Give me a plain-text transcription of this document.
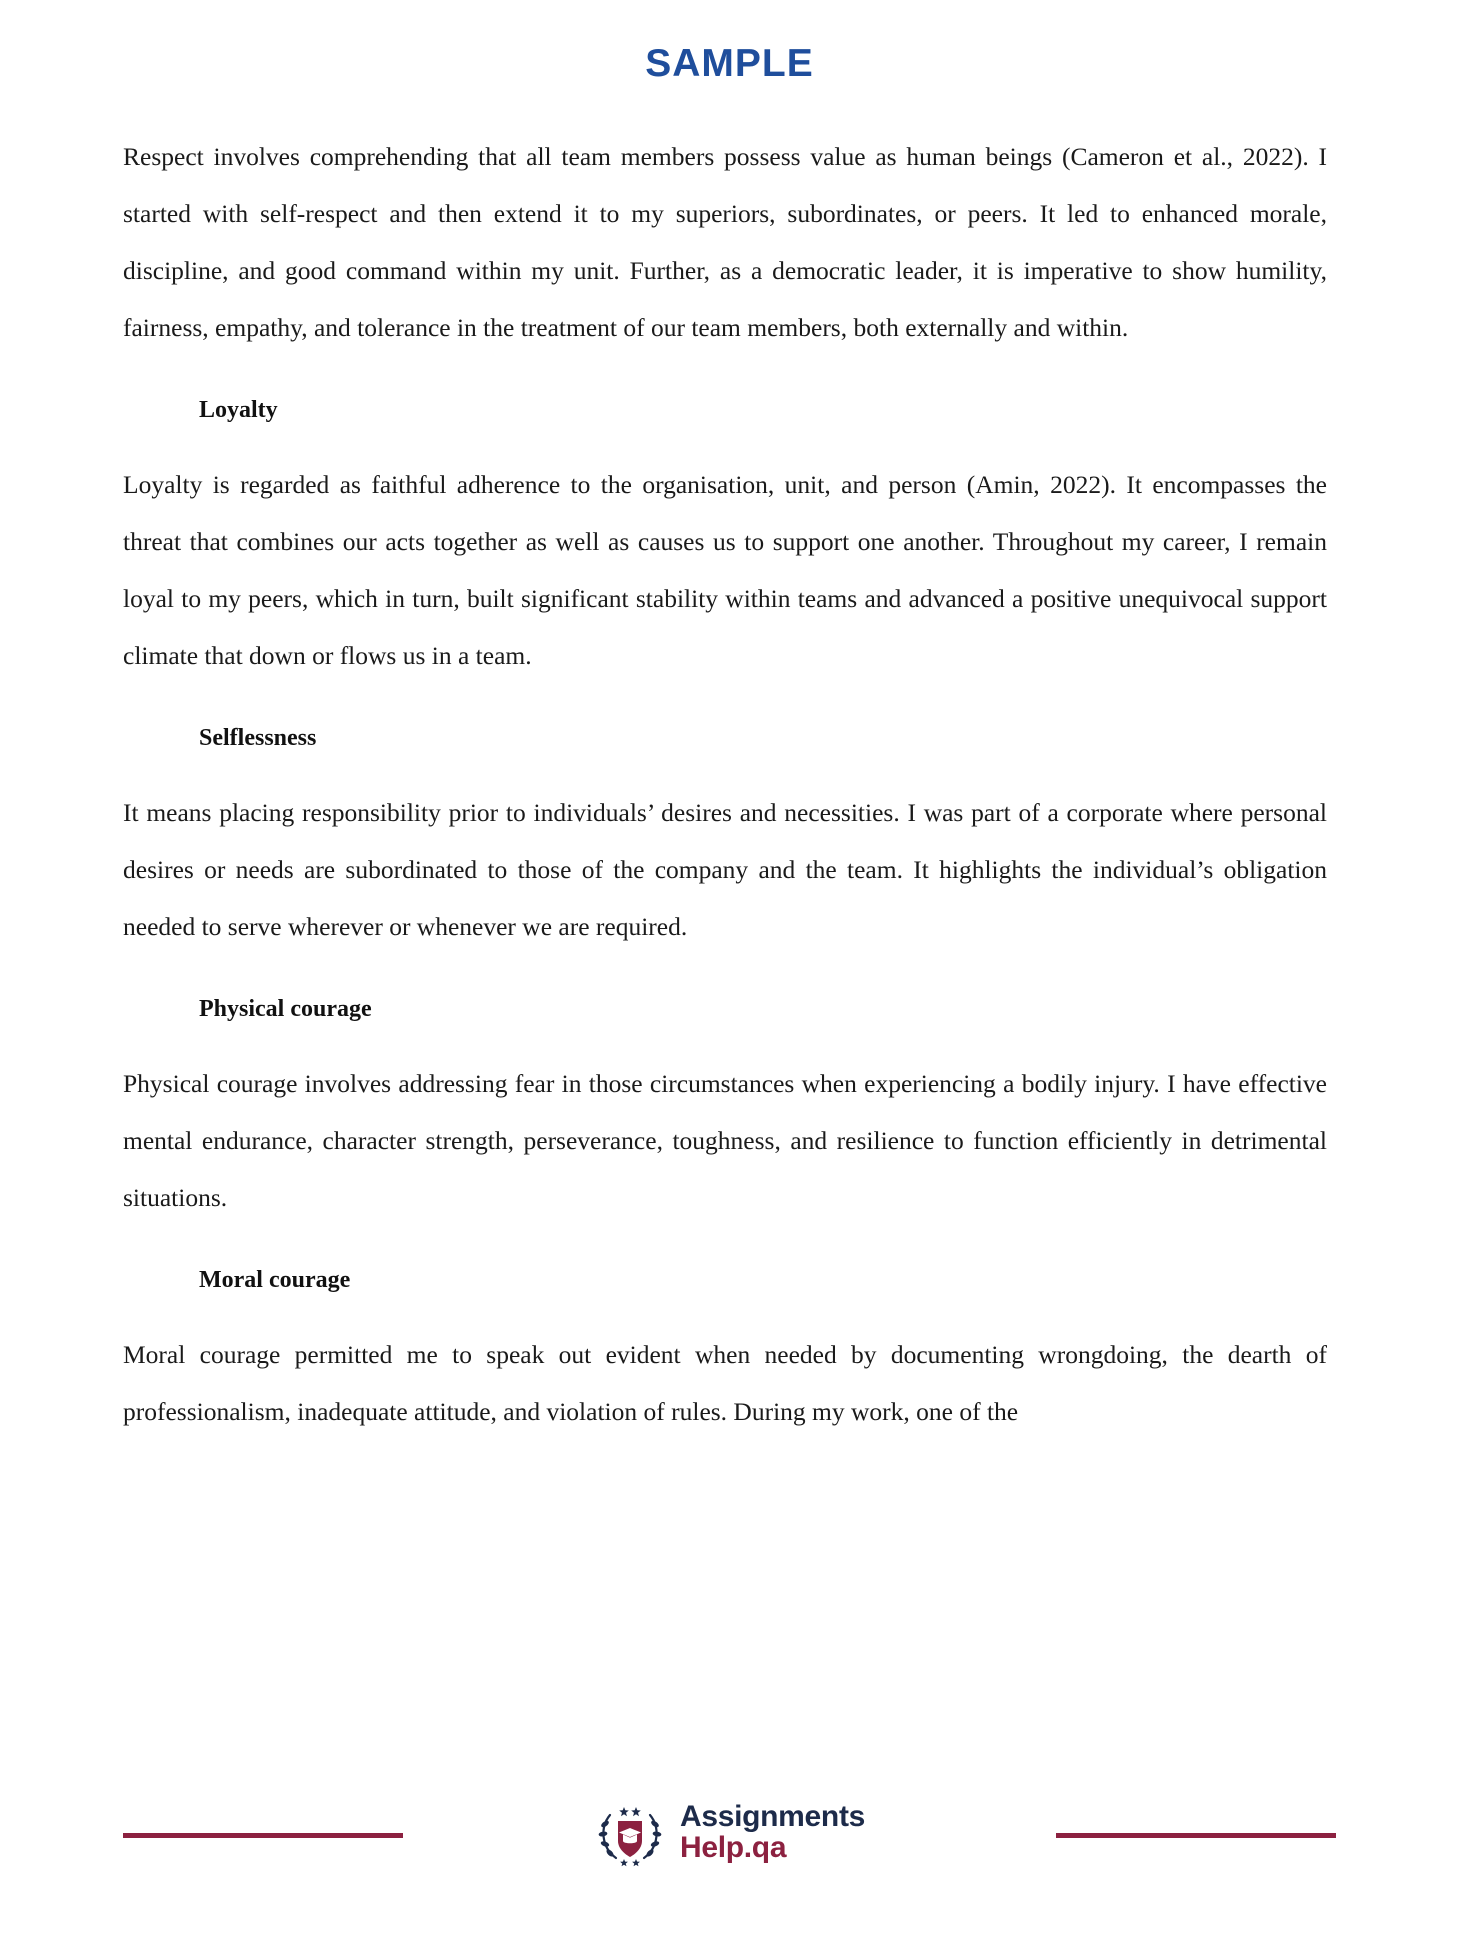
SAMPLE

Respect involves comprehending that all team members possess value as human beings (Cameron et al., 2022). I started with self-respect and then extend it to my superiors, subordinates, or peers. It led to enhanced morale, discipline, and good command within my unit. Further, as a democratic leader, it is imperative to show humility, fairness, empathy, and tolerance in the treatment of our team members, both externally and within.

Loyalty

Loyalty is regarded as faithful adherence to the organisation, unit, and person (Amin, 2022). It encompasses the threat that combines our acts together as well as causes us to support one another. Throughout my career, I remain loyal to my peers, which in turn, built significant stability within teams and advanced a positive unequivocal support climate that down or flows us in a team.

Selflessness

It means placing responsibility prior to individuals’ desires and necessities. I was part of a corporate where personal desires or needs are subordinated to those of the company and the team. It highlights the individual’s obligation needed to serve wherever or whenever we are required.

Physical courage

Physical courage involves addressing fear in those circumstances when experiencing a bodily injury. I have effective mental endurance, character strength, perseverance, toughness, and resilience to function efficiently in detrimental situations.

Moral courage

Moral courage permitted me to speak out evident when needed by documenting wrongdoing, the dearth of professionalism, inadequate attitude, and violation of rules. During my work, one of the

Assignments
Help.qa
